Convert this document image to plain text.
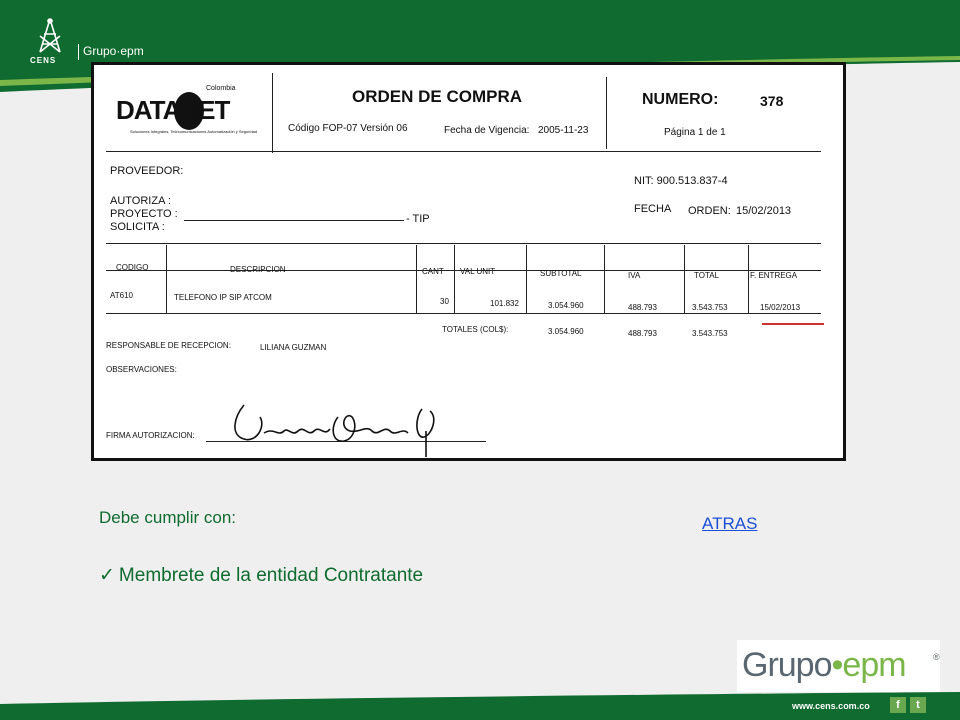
CENS
Grupo·epm
DATANET
Colombia
Soluciones Integrales, Telecomunicaciones Automatización y Seguridad
ORDEN DE COMPRA
Código FOP-07 Versión 06	Fecha de Vigencia: 2005-11-23
NUMERO:	378
Página 1 de 1
PROVEEDOR:
NIT: 900.513.837-4
AUTORIZA :
PROYECTO :
SOLICITA :
- TIP
FECHA ORDEN: 15/02/2013
CODIGO	DESCRIPCION	CANT VAL UNIT	SUBTOTAL	IVA	TOTAL	F. ENTREGA
AT610	TELEFONO IP SIP ATCOM	30	101.832	3.054.960	488.793	3.543.753	15/02/2013
TOTALES (COL$):	3.054.960	488.793	3.543.753
RESPONSABLE DE RECEPCION:	LILIANA GUZMAN
OBSERVACIONES:
FIRMA AUTORIZACION:
Debe cumplir con:
✓ Membrete de la entidad Contratante
ATRAS
Grupo•epm	®
www.cens.com.co	f	t
